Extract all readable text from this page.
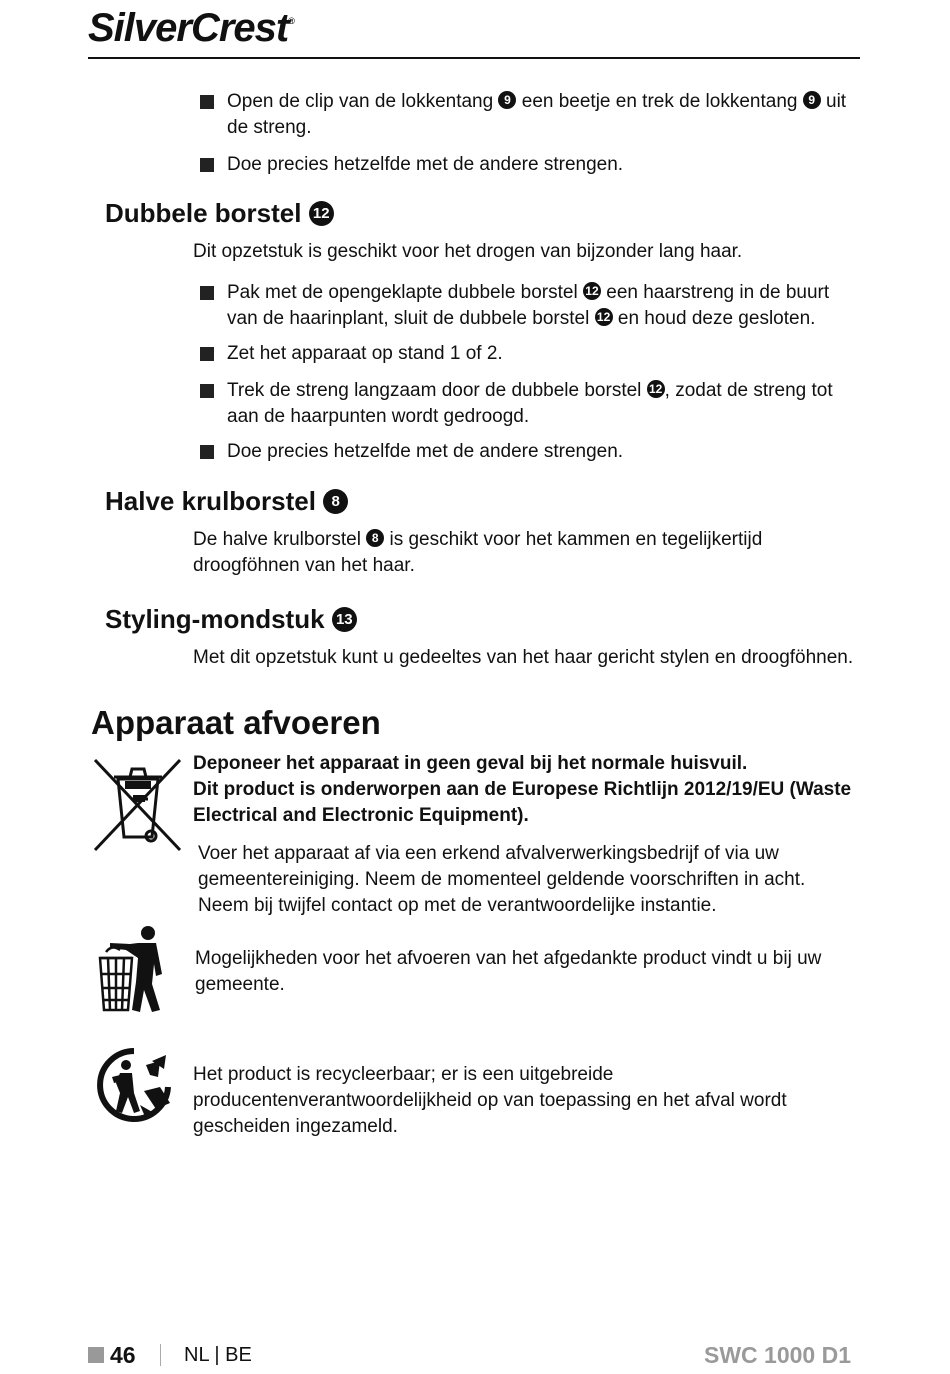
SilverCrest®

Open de clip van de lokkentang 9 een beetje en trek de lokkentang 9 uit de streng.

Doe precies hetzelfde met de andere strengen.

Dubbele borstel 12

Dit opzetstuk is geschikt voor het drogen van bijzonder lang haar.

Pak met de opengeklapte dubbele borstel 12 een haarstreng in de buurt van de haarinplant, sluit de dubbele borstel 12 en houd deze gesloten.

Zet het apparaat op stand 1 of 2.

Trek de streng langzaam door de dubbele borstel 12 , zodat de streng tot aan de haarpunten wordt gedroogd.

Doe precies hetzelfde met de andere strengen.

Halve krulborstel 8

De halve krulborstel 8 is geschikt voor het kammen en tegelijkertijd droogföhnen van het haar.

Styling-mondstuk 13

Met dit opzetstuk kunt u gedeeltes van het haar gericht stylen en droogföhnen.

Apparaat afvoeren
Deponeer het apparaat in geen geval bij het normale huisvuil.
Dit product is onderworpen aan de Europese Richtlijn 2012/19/EU (Waste Electrical and Electronic Equipment).

Voer het apparaat af via een erkend afvalverwerkingsbedrijf of via uw gemeentereiniging. Neem de momenteel geldende voorschriften in acht. Neem bij twijfel contact op met de verantwoordelijke instantie.

Mogelijkheden voor het afvoeren van het afgedankte product vindt u bij uw gemeente.

Het product is recycleerbaar; er is een uitgebreide producentenverantwoordelijkheid op van toepassing en het afval wordt gescheiden ingezameld.

46 NL | BE	SWC 1000 D1
